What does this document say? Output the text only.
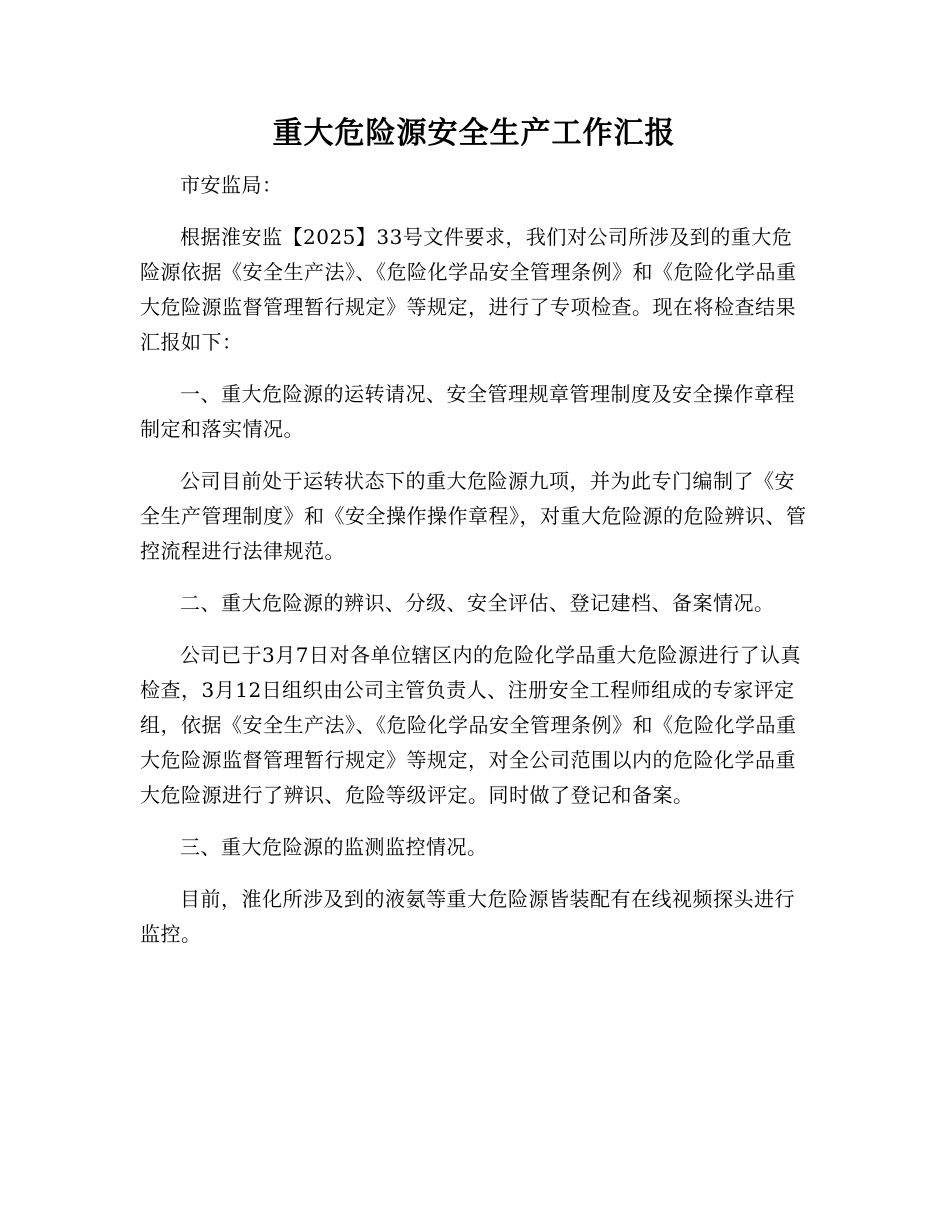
重大危险源安全生产工作汇报

市安监局：

根据淮安监【2025】33号文件要求，我们对公司所涉及到的重大危险源依据《安全生产法》、《危险化学品安全管理条例》和《危险化学品重大危险源监督管理暂行规定》等规定，进行了专项检查。现在将检查结果汇报如下：

一、重大危险源的运转请况、安全管理规章管理制度及安全操作章程制定和落实情况。

公司目前处于运转状态下的重大危险源九项，并为此专门编制了《安全生产管理制度》和《安全操作操作章程》，对重大危险源的危险辨识、管控流程进行法律规范。

二、重大危险源的辨识、分级、安全评估、登记建档、备案情况。

公司已于3月7日对各单位辖区内的危险化学品重大危险源进行了认真检查，3月12日组织由公司主管负责人、注册安全工程师组成的专家评定组，依据《安全生产法》、《危险化学品安全管理条例》和《危险化学品重大危险源监督管理暂行规定》等规定，对全公司范围以内的危险化学品重大危险源进行了辨识、危险等级评定。同时做了登记和备案。

三、重大危险源的监测监控情况。

目前，淮化所涉及到的液氨等重大危险源皆装配有在线视频探头进行监控。
